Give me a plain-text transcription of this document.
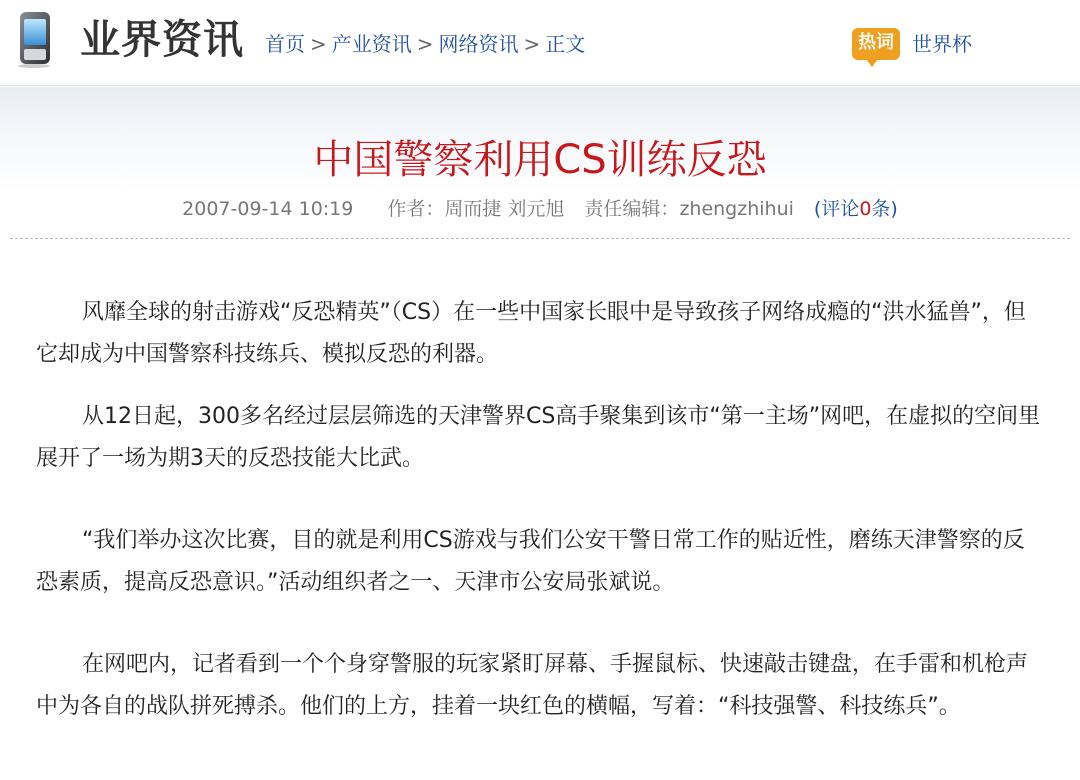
业界资讯 首页 > 产业资讯 > 网络资讯 > 正文	热词 世界杯
中国警察利用CS训练反恐
2007-09-14 10:19 作者：周而捷 刘元旭 责任编辑：zhengzhihui (评论0条)

风靡全球的射击游戏“反恐精英”（CS）在一些中国家长眼中是导致孩子网络成瘾的“洪水猛兽”，但它却成为中国警察科技练兵、模拟反恐的利器。

从12日起，300多名经过层层筛选的天津警界CS高手聚集到该市“第一主场”网吧，在虚拟的空间里展开了一场为期3天的反恐技能大比武。

“我们举办这次比赛，目的就是利用CS游戏与我们公安干警日常工作的贴近性，磨练天津警察的反恐素质，提高反恐意识。”活动组织者之一、天津市公安局张斌说。

在网吧内，记者看到一个个身穿警服的玩家紧盯屏幕、手握鼠标、快速敲击键盘，在手雷和机枪声中为各自的战队拼死搏杀。他们的上方，挂着一块红色的横幅，写着：“科技强警、科技练兵”。
